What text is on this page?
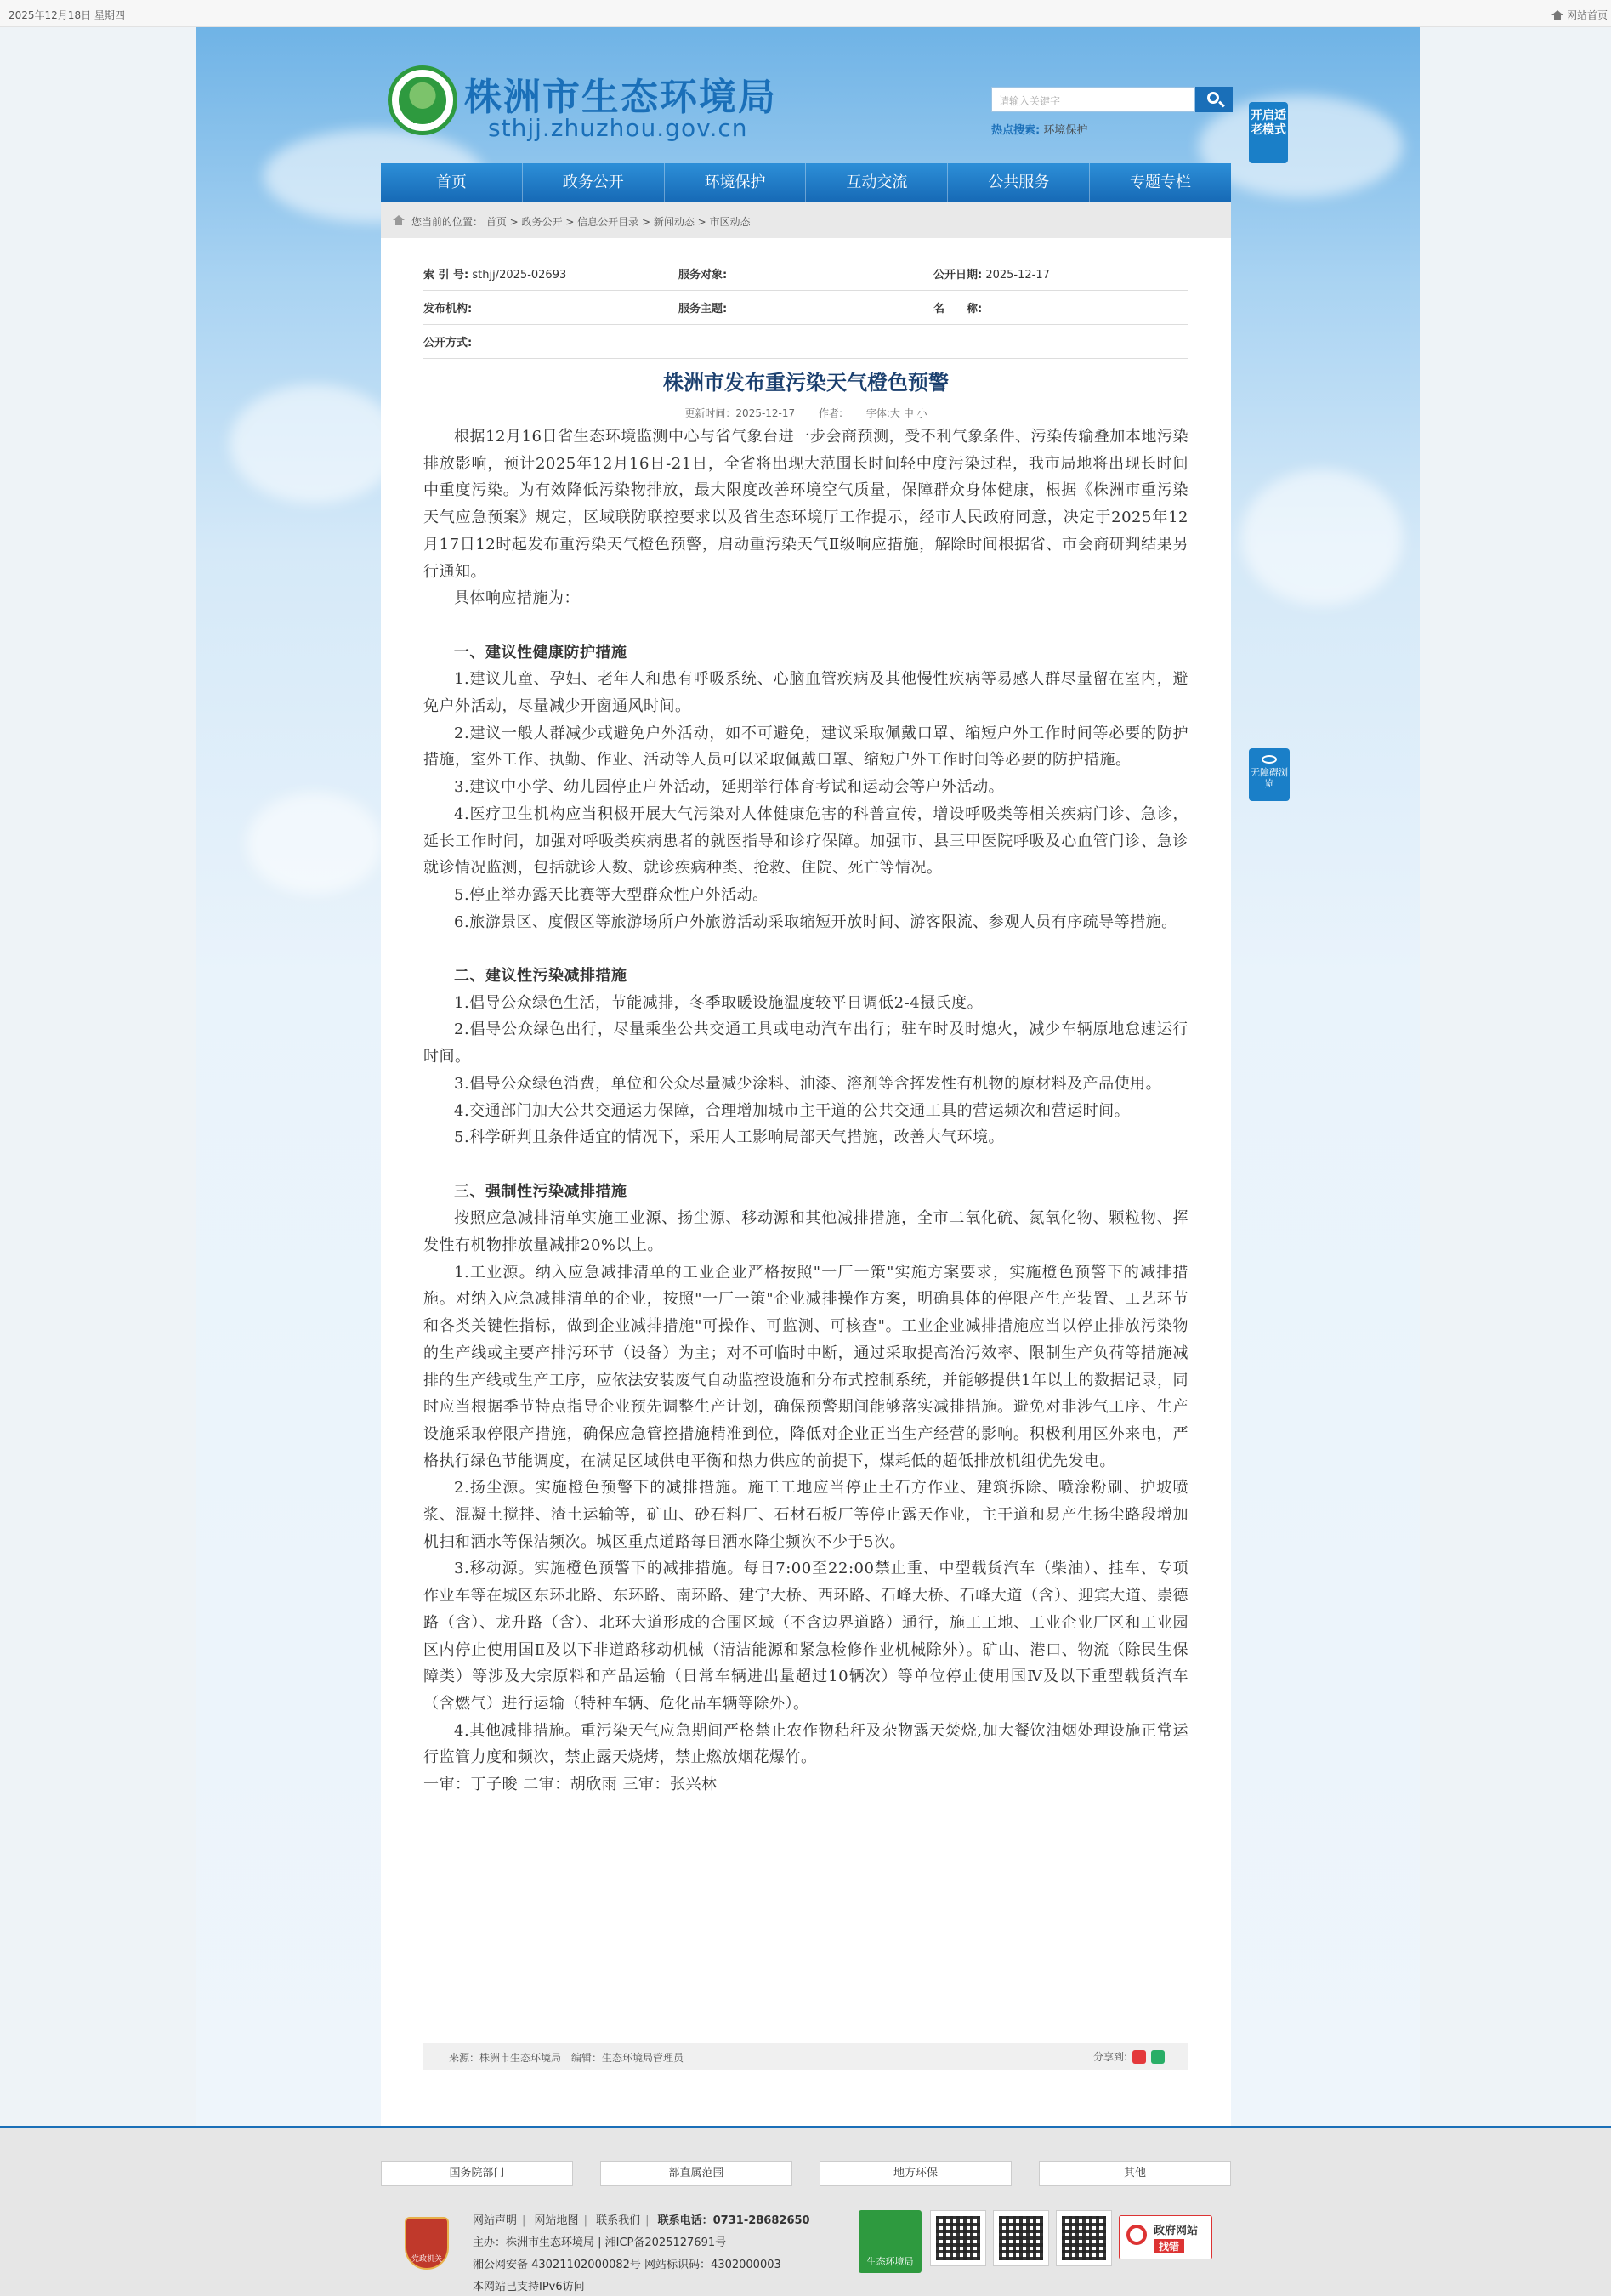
2025年12月18日 星期四	网站首页
ZHB
株洲市生态环境局
sthjj.zhuzhou.gov.cn
请输入关键字
热点搜索: 环境保护
开启适老模式
首页	政务公开	环境保护	互动交流	公共服务	专题专栏
您当前的位置： 首页 > 政务公开 > 信息公开目录 > 新闻动态 > 市区动态
索 引 号: sthjj/2025-02693	服务对象:	公开日期: 2025-12-17
发布机构:	服务主题:	名　　称:
公开方式:
株洲市发布重污染天气橙色预警
更新时间：2025-12-17 作者: 字体:大 中 小

根据12月16日省生态环境监测中心与省气象台进一步会商预测，受不利气象条件、污染传输叠加本地污染排放影响，预计2025年12月16日-21日，全省将出现大范围长时间轻中度污染过程，我市局地将出现长时间中重度污染。为有效降低污染物排放，最大限度改善环境空气质量，保障群众身体健康，根据《株洲市重污染天气应急预案》规定，区域联防联控要求以及省生态环境厅工作提示，经市人民政府同意，决定于2025年12月17日12时起发布重污染天气橙色预警，启动重污染天气Ⅱ级响应措施，解除时间根据省、市会商研判结果另行通知。

具体响应措施为：

一、建议性健康防护措施

1.建议儿童、孕妇、老年人和患有呼吸系统、心脑血管疾病及其他慢性疾病等易感人群尽量留在室内，避免户外活动，尽量减少开窗通风时间。

2.建议一般人群减少或避免户外活动，如不可避免，建议采取佩戴口罩、缩短户外工作时间等必要的防护措施，室外工作、执勤、作业、活动等人员可以采取佩戴口罩、缩短户外工作时间等必要的防护措施。

3.建议中小学、幼儿园停止户外活动，延期举行体育考试和运动会等户外活动。

4.医疗卫生机构应当积极开展大气污染对人体健康危害的科普宣传，增设呼吸类等相关疾病门诊、急诊，延长工作时间，加强对呼吸类疾病患者的就医指导和诊疗保障。加强市、县三甲医院呼吸及心血管门诊、急诊就诊情况监测，包括就诊人数、就诊疾病种类、抢救、住院、死亡等情况。

5.停止举办露天比赛等大型群众性户外活动。

6.旅游景区、度假区等旅游场所户外旅游活动采取缩短开放时间、游客限流、参观人员有序疏导等措施。

二、建议性污染减排措施

1.倡导公众绿色生活，节能减排，冬季取暖设施温度较平日调低2-4摄氏度。

2.倡导公众绿色出行，尽量乘坐公共交通工具或电动汽车出行；驻车时及时熄火，减少车辆原地怠速运行时间。

3.倡导公众绿色消费，单位和公众尽量减少涂料、油漆、溶剂等含挥发性有机物的原材料及产品使用。

4.交通部门加大公共交通运力保障，合理增加城市主干道的公共交通工具的营运频次和营运时间。

5.科学研判且条件适宜的情况下，采用人工影响局部天气措施，改善大气环境。

三、强制性污染减排措施

按照应急减排清单实施工业源、扬尘源、移动源和其他减排措施，全市二氧化硫、氮氧化物、颗粒物、挥发性有机物排放量减排20%以上。

1.工业源。纳入应急减排清单的工业企业严格按照"一厂一策"实施方案要求，实施橙色预警下的减排措施。对纳入应急减排清单的企业，按照"一厂一策"企业减排操作方案，明确具体的停限产生产装置、工艺环节和各类关键性指标，做到企业减排措施"可操作、可监测、可核查"。工业企业减排措施应当以停止排放污染物的生产线或主要产排污环节（设备）为主；对不可临时中断，通过采取提高治污效率、限制生产负荷等措施减排的生产线或生产工序，应依法安装废气自动监控设施和分布式控制系统，并能够提供1年以上的数据记录，同时应当根据季节特点指导企业预先调整生产计划，确保预警期间能够落实减排措施。避免对非涉气工序、生产设施采取停限产措施，确保应急管控措施精准到位，降低对企业正当生产经营的影响。积极利用区外来电，严格执行绿色节能调度，在满足区域供电平衡和热力供应的前提下，煤耗低的超低排放机组优先发电。

2.扬尘源。实施橙色预警下的减排措施。施工工地应当停止土石方作业、建筑拆除、喷涂粉刷、护坡喷浆、混凝土搅拌、渣土运输等，矿山、砂石料厂、石材石板厂等停止露天作业，主干道和易产生扬尘路段增加机扫和洒水等保洁频次。城区重点道路每日洒水降尘频次不少于5次。

3.移动源。实施橙色预警下的减排措施。每日7:00至22:00禁止重、中型载货汽车（柴油）、挂车、专项作业车等在城区东环北路、东环路、南环路、建宁大桥、西环路、石峰大桥、石峰大道（含）、迎宾大道、崇德路（含）、龙升路（含）、北环大道形成的合围区域（不含边界道路）通行，施工工地、工业企业厂区和工业园区内停止使用国Ⅱ及以下非道路移动机械（清洁能源和紧急检修作业机械除外）。矿山、港口、物流（除民生保障类）等涉及大宗原料和产品运输（日常车辆进出量超过10辆次）等单位停止使用国Ⅳ及以下重型载货汽车（含燃气）进行运输（特种车辆、危化品车辆等除外）。

4.其他减排措施。重污染天气应急期间严格禁止农作物秸秆及杂物露天焚烧,加大餐饮油烟处理设施正常运行监管力度和频次，禁止露天烧烤，禁止燃放烟花爆竹。

一审：丁子晙 二审：胡欣雨 三审：张兴林

来源：株洲市生态环境局　编辑：生态环境局管理员	分享到:
无障碍浏览
国务院部门	部直属范围	地方环保	其他
党政机关
网站声明 | 网站地图 | 联系我们 | 联系电话：0731-28682650
主办：株洲市生态环境局 | 湘ICP备2025127691号
湘公网安备 43021102000082号 网站标识码：4302000003
本网站已支持IPv6访问
生态环境局
政府网站
找错
